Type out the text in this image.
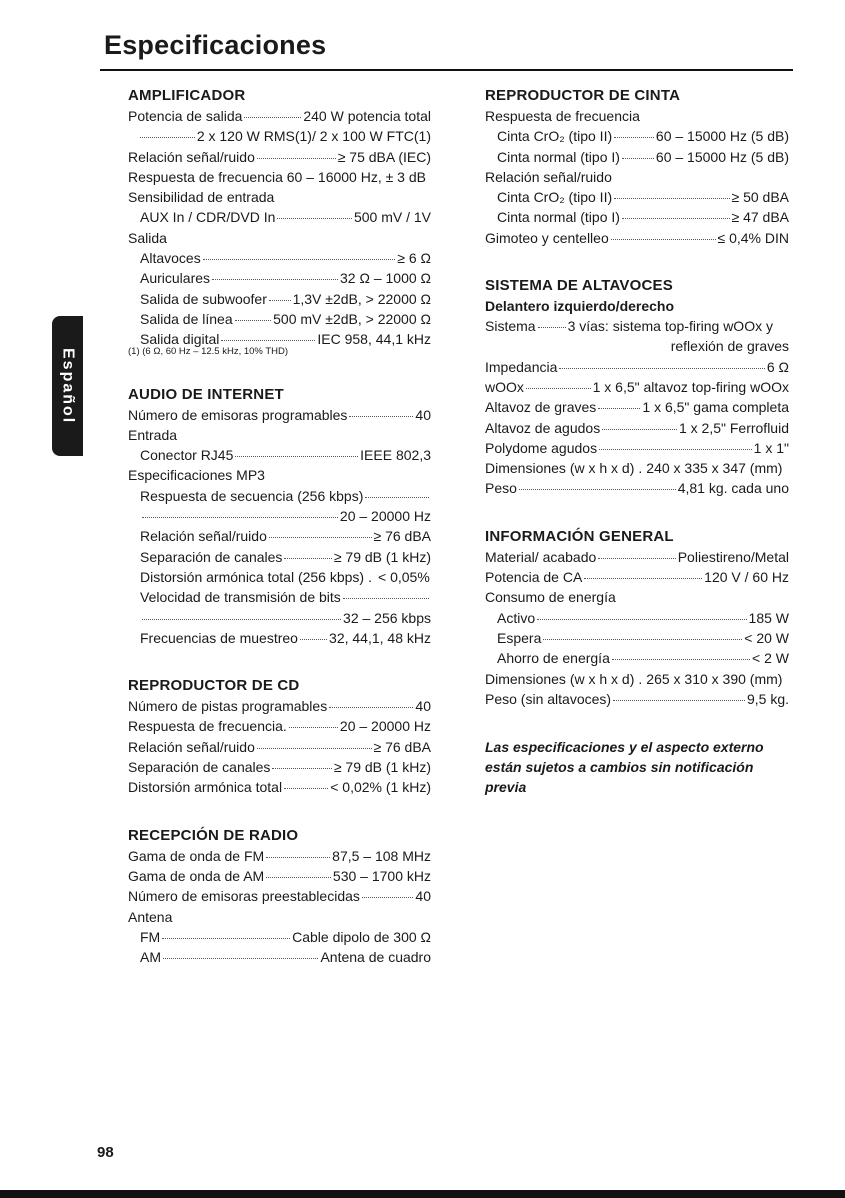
Especificaciones
Español
AMPLIFICADOR
Potencia de salida	240 W potencia total
2 x 120 W RMS(1)/ 2 x 100 W FTC(1)
Relación señal/ruido	≥ 75 dBA (IEC)
Respuesta de frecuencia 60 – 16000 Hz, ± 3 dB
Sensibilidad de entrada
AUX In / CDR/DVD In	500 mV / 1V
Salida
Altavoces	≥ 6 Ω
Auriculares	32 Ω – 1000 Ω
Salida de subwoofer 1,3V ±2dB, > 22000 Ω
Salida de línea	500 mV ±2dB, > 22000 Ω
Salida digital	IEC 958, 44,1 kHz
(1) (6 Ω, 60 Hz – 12.5 kHz, 10% THD)
AUDIO DE INTERNET
Número de emisoras programables	40
Entrada
Conector RJ45	IEEE 802,3
Especificaciones MP3
Respuesta de secuencia (256 kbps)
20 – 20000 Hz
Relación señal/ruido	≥ 76 dBA
Separación de canales	≥ 79 dB (1 kHz)
Distorsión armónica total (256 kbps) . < 0,05%
Velocidad de transmisión de bits
32 – 256 kbps
Frecuencias de muestreo 32, 44,1, 48 kHz
REPRODUCTOR DE CD
Número de pistas programables	40
Respuesta de frecuencia.	20 – 20000 Hz
Relación señal/ruido	≥ 76 dBA
Separación de canales	≥ 79 dB (1 kHz)
Distorsión armónica total	< 0,02% (1 kHz)
RECEPCIÓN DE RADIO
Gama de onda de FM	87,5 – 108 MHz
Gama de onda de AM	530 – 1700 kHz
Número de emisoras preestablecidas	40
Antena
FM	Cable dipolo de 300 Ω
AM	Antena de cuadro
REPRODUCTOR DE CINTA
Respuesta de frecuencia
Cinta CrO₂ (tipo II)	60 – 15000 Hz (5 dB)
Cinta normal (tipo I)	60 – 15000 Hz (5 dB)
Relación señal/ruido
Cinta CrO₂ (tipo II)	≥ 50 dBA
Cinta normal (tipo I)	≥ 47 dBA
Gimoteo y centelleo	≤ 0,4% DIN
SISTEMA DE ALTAVOCES
Delantero izquierdo/derecho
Sistema 3 vías: sistema top-firing wOOx y
reflexión de graves
Impedancia	6 Ω
wOOx	1 x 6,5" altavoz top-firing wOOx
Altavoz de graves	1 x 6,5" gama completa
Altavoz de agudos	1 x 2,5" Ferrofluid
Polydome agudos	1 x 1"
Dimensiones (w x h x d) . 240 x 335 x 347 (mm)
Peso	4,81 kg. cada uno
INFORMACIÓN GENERAL
Material/ acabado	Poliestireno/Metal
Potencia de CA	120 V / 60 Hz
Consumo de energía
Activo	185 W
Espera	< 20 W
Ahorro de energía	< 2 W
Dimensiones (w x h x d) . 265 x 310 x 390 (mm)
Peso (sin altavoces)	9,5 kg.
Las especificaciones y el aspecto externo están sujetos a cambios sin notificación previa
98
